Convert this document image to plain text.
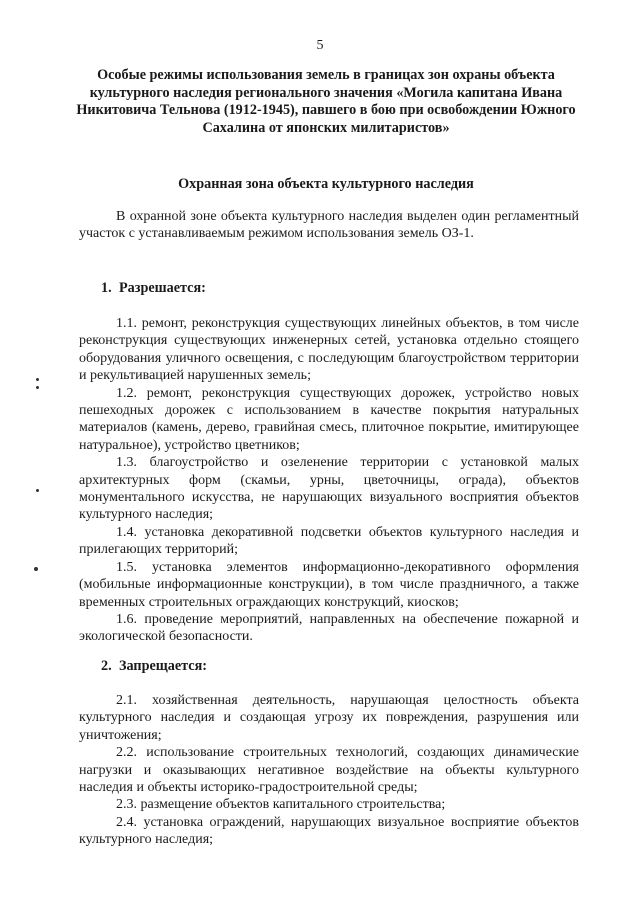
5
Особые режимы использования земель в границах зон охраны объекта культурного наследия регионального значения «Могила капитана Ивана Никитовича Тельнова (1912-1945), павшего в бою при освобождении Южного Сахалина от японских милитаристов»
Охранная зона объекта культурного наследия

В охранной зоне объекта культурного наследия выделен один регламентный участок с устанавливаемым режимом использования земель ОЗ-1.

1. Разрешается:

1.1. ремонт, реконструкция существующих линейных объектов, в том числе реконструкция существующих инженерных сетей, установка отдельно стоящего оборудования уличного освещения, с последующим благоустройством территории и рекультивацией нарушенных земель;

1.2. ремонт, реконструкция существующих дорожек, устройство новых пешеходных дорожек с использованием в качестве покрытия натуральных материалов (камень, дерево, гравийная смесь, плиточное покрытие, имитирующее натуральное), устройство цветников;

1.3. благоустройство и озеленение территории с установкой малых архитектурных форм (скамьи, урны, цветочницы, ограда), объектов монументального искусства, не нарушающих визуального восприятия объектов культурного наследия;

1.4. установка декоративной подсветки объектов культурного наследия и прилегающих территорий;

1.5. установка элементов информационно-декоративного оформления (мобильные информационные конструкции), в том числе праздничного, а также временных строительных ограждающих конструкций, киосков;

1.6. проведение мероприятий, направленных на обеспечение пожарной и экологической безопасности.

2. Запрещается:

2.1. хозяйственная деятельность, нарушающая целостность объекта культурного наследия и создающая угрозу их повреждения, разрушения или уничтожения;

2.2. использование строительных технологий, создающих динамические нагрузки и оказывающих негативное воздействие на объекты культурного наследия и объекты историко-градостроительной среды;

2.3. размещение объектов капитального строительства;

2.4. установка ограждений, нарушающих визуальное восприятие объектов культурного наследия;
